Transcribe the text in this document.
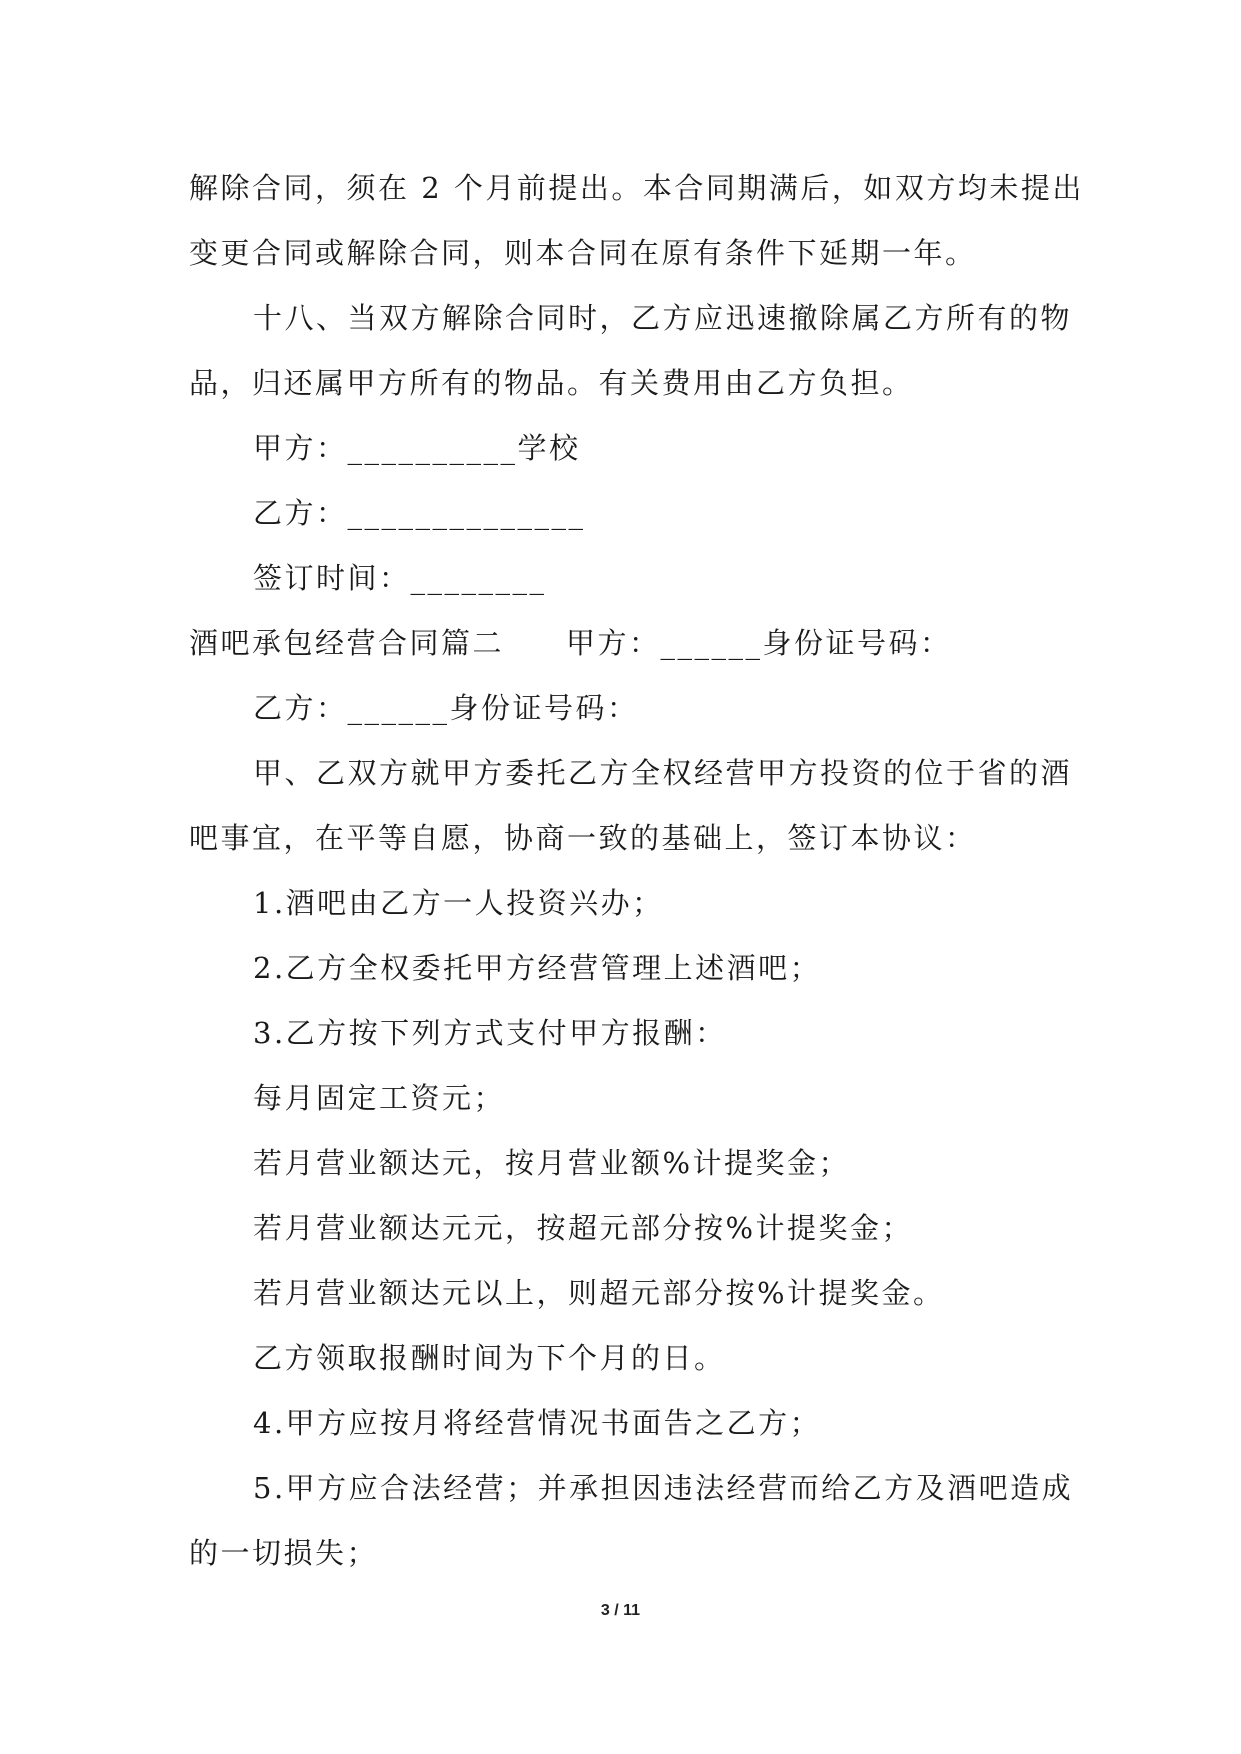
解除合同，须在 2 个月前提出。本合同期满后，如双方均未提出

变更合同或解除合同，则本合同在原有条件下延期一年。

十八、当双方解除合同时，乙方应迅速撤除属乙方所有的物

品，归还属甲方所有的物品。有关费用由乙方负担。

甲方：__________学校

乙方：______________

签订时间：________

酒吧承包经营合同篇二 甲方：______身份证号码：

乙方：______身份证号码：

甲、乙双方就甲方委托乙方全权经营甲方投资的位于省的酒

吧事宜，在平等自愿，协商一致的基础上，签订本协议：

1.酒吧由乙方一人投资兴办；

2.乙方全权委托甲方经营管理上述酒吧；

3.乙方按下列方式支付甲方报酬：

每月固定工资元；

若月营业额达元，按月营业额%计提奖金；

若月营业额达元元，按超元部分按%计提奖金；

若月营业额达元以上，则超元部分按%计提奖金。

乙方领取报酬时间为下个月的日。

4.甲方应按月将经营情况书面告之乙方；

5.甲方应合法经营；并承担因违法经营而给乙方及酒吧造成

的一切损失；

3 / 11
